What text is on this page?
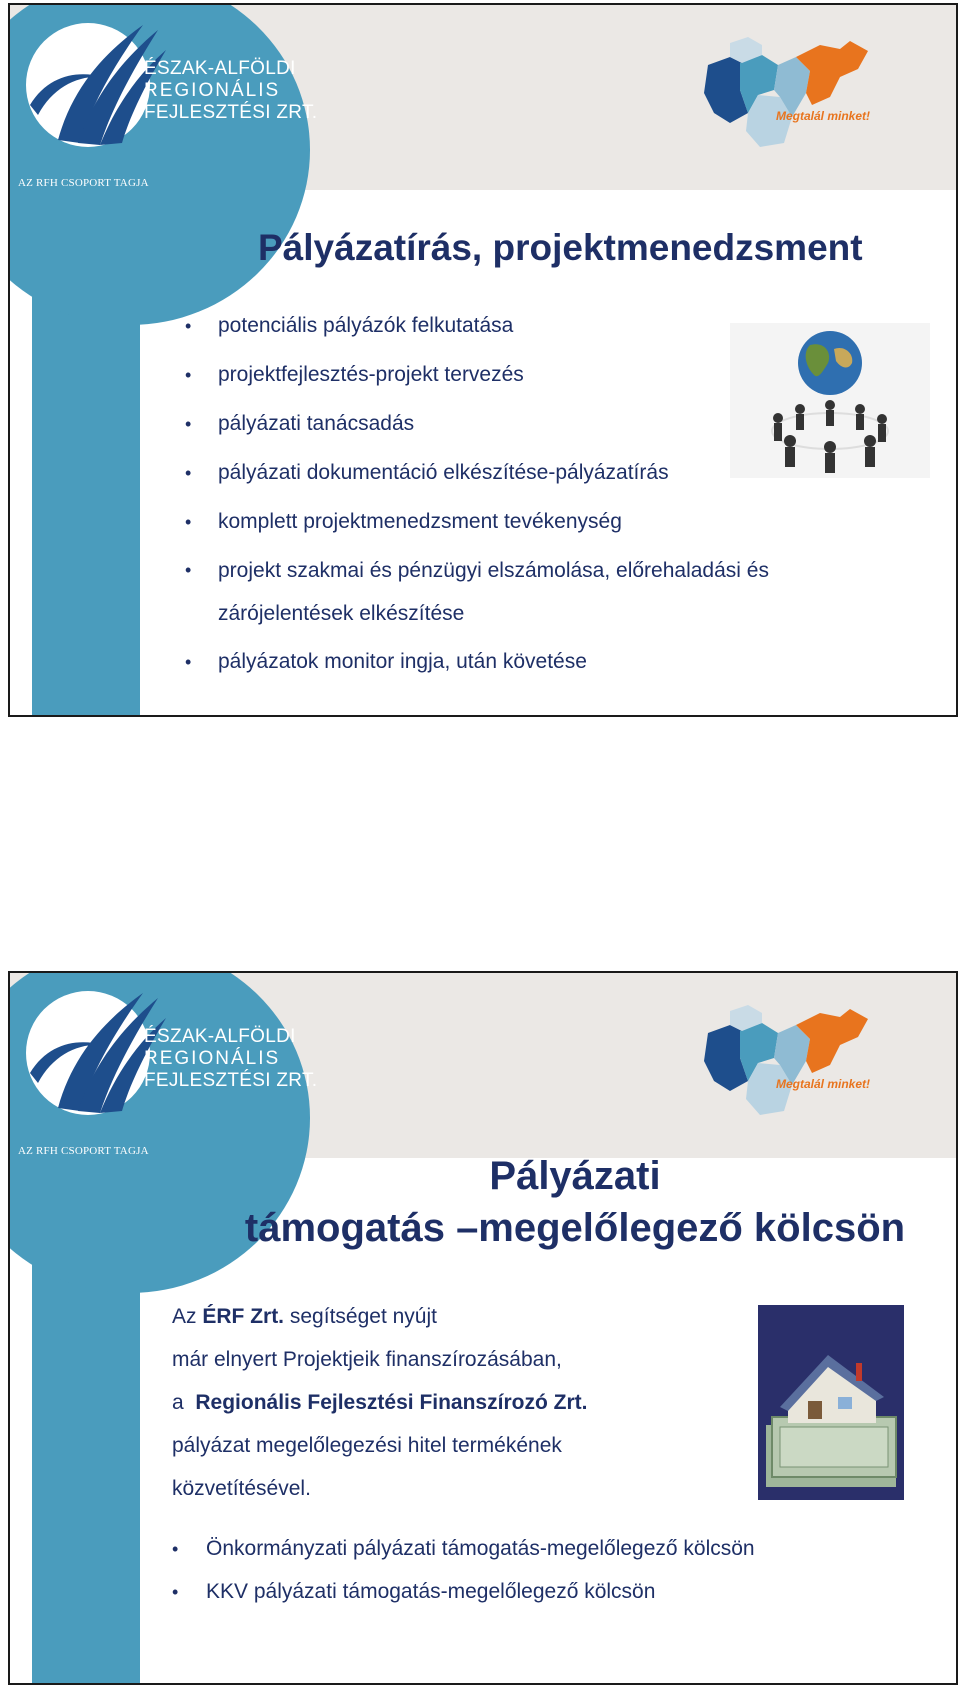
ÉSZAK-ALFÖLDI
REGIONÁLIS
FEJLESZTÉSI ZRT.
AZ RFH CSOPORT TAGJA
Megtalál minket!
Pályázatírás, projektmenedzsment
• potenciális pályázók felkutatása
• projektfejlesztés-projekt tervezés
• pályázati tanácsadás
• pályázati dokumentáció elkészítése-pályázatírás
• komplett projektmenedzsment tevékenység
• projekt szakmai és pénzügyi elszámolása, előrehaladási és
zárójelentések elkészítése
• pályázatok monitor ingja, után követése
ÉSZAK-ALFÖLDI
REGIONÁLIS
FEJLESZTÉSI ZRT.
AZ RFH CSOPORT TAGJA
Megtalál minket!
Pályázati
támogatás –megelőlegező kölcsön
Az ÉRF Zrt. segítséget nyújt
már elnyert Projektjeik finanszírozásában,
a Regionális Fejlesztési Finanszírozó Zrt.
pályázat megelőlegezési hitel termékének
közvetítésével.
• Önkormányzati pályázati támogatás-megelőlegező kölcsön
• KKV pályázati támogatás-megelőlegező kölcsön
